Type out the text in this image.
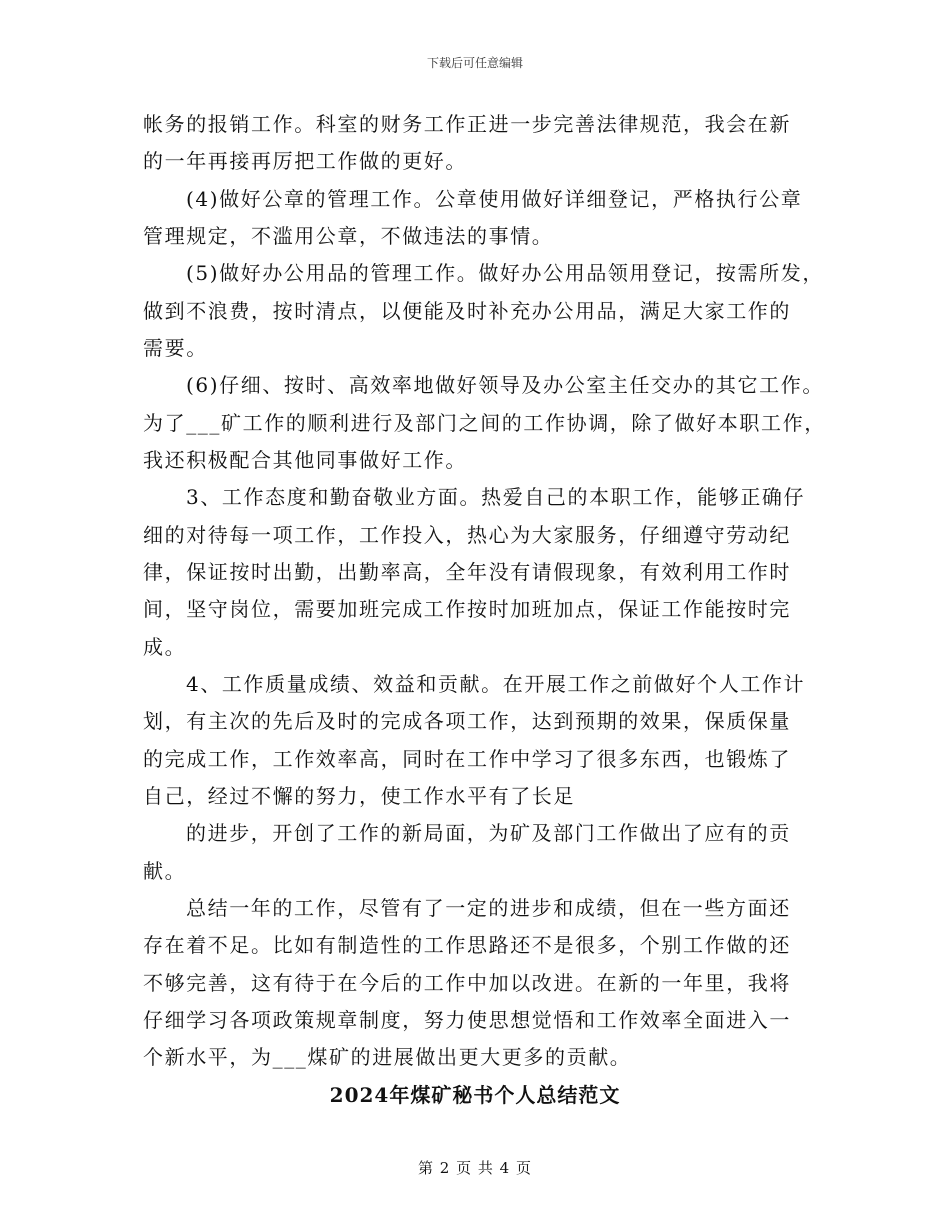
下载后可任意编辑
帐务的报销工作。科室的财务工作正进一步完善法律规范，我会在新
的一年再接再厉把工作做的更好。
(4)做好公章的管理工作。公章使用做好详细登记，严格执行公章
管理规定，不滥用公章，不做违法的事情。
(5)做好办公用品的管理工作。做好办公用品领用登记，按需所发，
做到不浪费，按时清点，以便能及时补充办公用品，满足大家工作的
需要。
(6)仔细、按时、高效率地做好领导及办公室主任交办的其它工作。
为了___矿工作的顺利进行及部门之间的工作协调，除了做好本职工作，
我还积极配合其他同事做好工作。
3、工作态度和勤奋敬业方面。热爱自己的本职工作，能够正确仔
细的对待每一项工作，工作投入，热心为大家服务，仔细遵守劳动纪
律，保证按时出勤，出勤率高，全年没有请假现象，有效利用工作时
间，坚守岗位，需要加班完成工作按时加班加点，保证工作能按时完
成。
4、工作质量成绩、效益和贡献。在开展工作之前做好个人工作计
划，有主次的先后及时的完成各项工作，达到预期的效果，保质保量
的完成工作，工作效率高，同时在工作中学习了很多东西，也锻炼了
自己，经过不懈的努力，使工作水平有了长足
的进步，开创了工作的新局面，为矿及部门工作做出了应有的贡
献。
总结一年的工作，尽管有了一定的进步和成绩，但在一些方面还
存在着不足。比如有制造性的工作思路还不是很多，个别工作做的还
不够完善，这有待于在今后的工作中加以改进。在新的一年里，我将
仔细学习各项政策规章制度，努力使思想觉悟和工作效率全面进入一
个新水平，为___煤矿的进展做出更大更多的贡献。
2024年煤矿秘书个人总结范文
第 2 页 共 4 页
